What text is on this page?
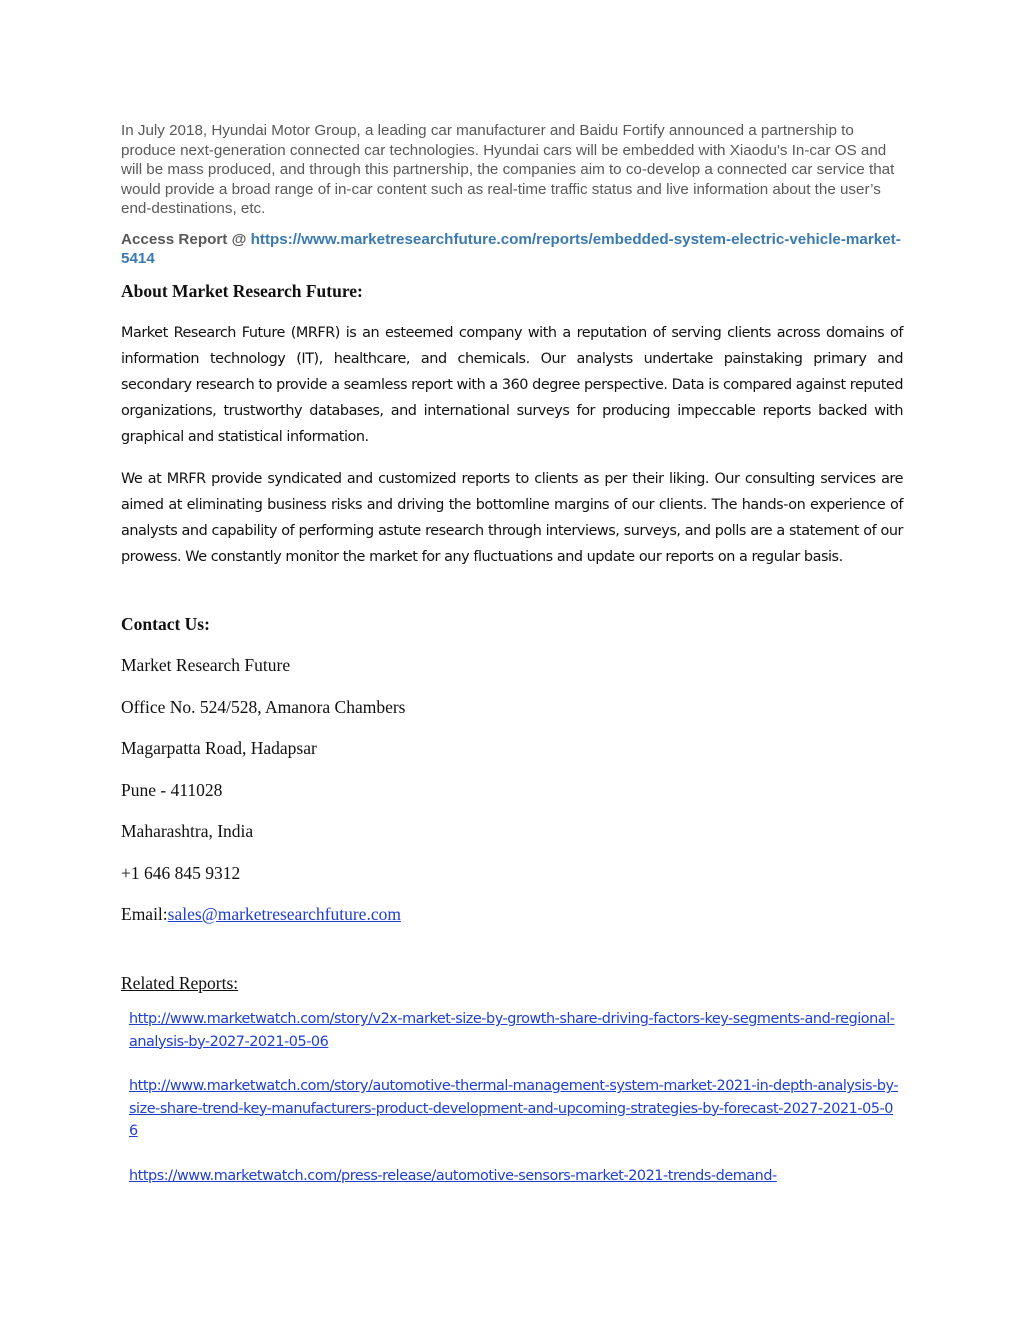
In July 2018, Hyundai Motor Group, a leading car manufacturer and Baidu Fortify announced a partnership to produce next-generation connected car technologies. Hyundai cars will be embedded with Xiaodu's In-car OS and will be mass produced, and through this partnership, the companies aim to co-develop a connected car service that would provide a broad range of in-car content such as real-time traffic status and live information about the user’s end-destinations, etc.

Access Report @ https://www.marketresearchfuture.com/reports/embedded-system-electric-vehicle-market-5414

About Market Research Future:

Market Research Future (MRFR) is an esteemed company with a reputation of serving clients across domains of information technology (IT), healthcare, and chemicals. Our analysts undertake painstaking primary and secondary research to provide a seamless report with a 360 degree perspective. Data is compared against reputed organizations, trustworthy databases, and international surveys for producing impeccable reports backed with graphical and statistical information.

We at MRFR provide syndicated and customized reports to clients as per their liking. Our consulting services are aimed at eliminating business risks and driving the bottomline margins of our clients. The hands-on experience of analysts and capability of performing astute research through interviews, surveys, and polls are a statement of our prowess. We constantly monitor the market for any fluctuations and update our reports on a regular basis.

Contact Us:

Market Research Future

Office No. 524/528, Amanora Chambers

Magarpatta Road, Hadapsar

Pune - 411028

Maharashtra, India

+1 646 845 9312

Email:sales@marketresearchfuture.com

Related Reports:

http://www.marketwatch.com/story/v2x-market-size-by-growth-share-driving-factors-key-segments-and-regional-analysis-by-2027-2021-05-06
http://www.marketwatch.com/story/automotive-thermal-management-system-market-2021-in-depth-analysis-by-size-share-trend-key-manufacturers-product-development-and-upcoming-strategies-by-forecast-2027-2021-05-06
https://www.marketwatch.com/press-release/automotive-sensors-market-2021-trends-demand-
